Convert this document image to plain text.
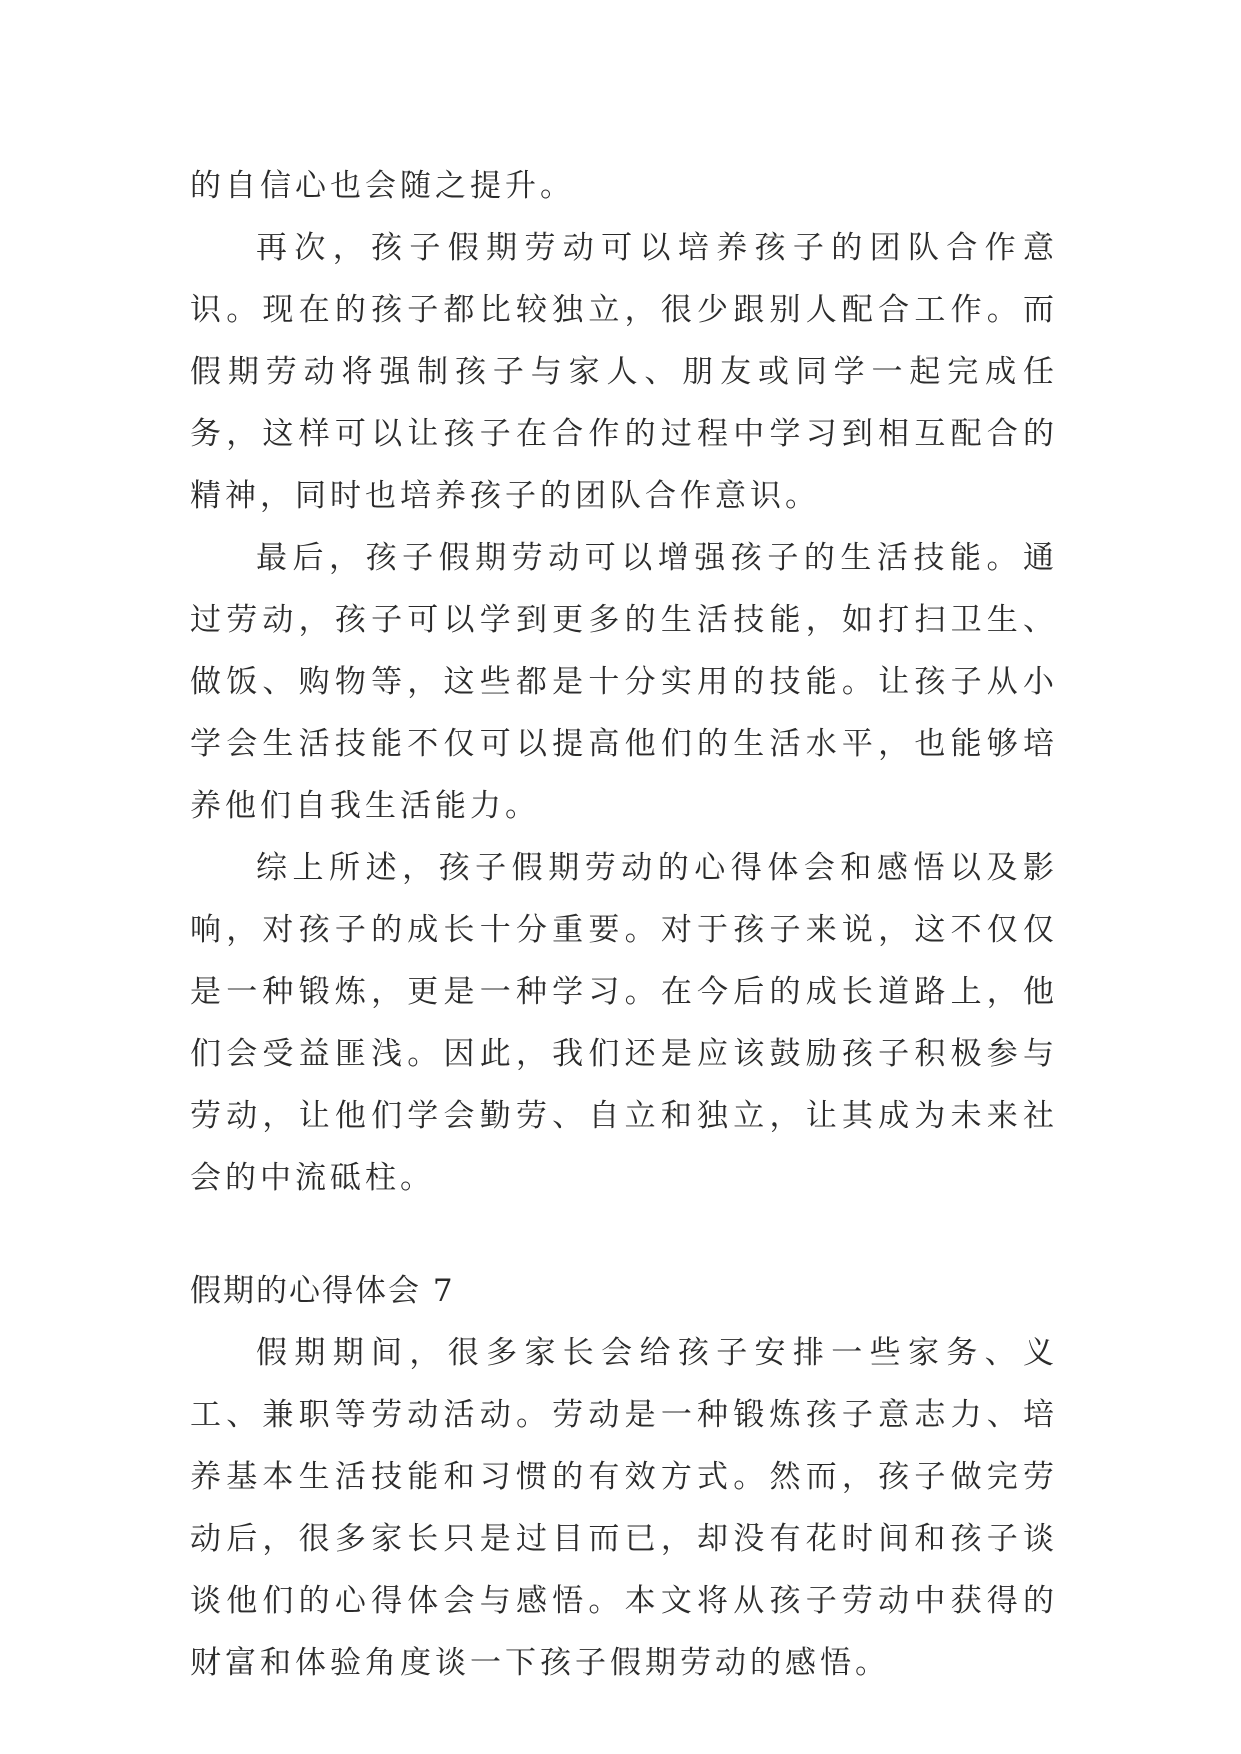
的自信心也会随之提升。

再次，孩子假期劳动可以培养孩子的团队合作意识。现在的孩子都比较独立，很少跟别人配合工作。而假期劳动将强制孩子与家人、朋友或同学一起完成任务，这样可以让孩子在合作的过程中学习到相互配合的精神，同时也培养孩子的团队合作意识。

最后，孩子假期劳动可以增强孩子的生活技能。通过劳动，孩子可以学到更多的生活技能，如打扫卫生、做饭、购物等，这些都是十分实用的技能。让孩子从小学会生活技能不仅可以提高他们的生活水平，也能够培养他们自我生活能力。

综上所述，孩子假期劳动的心得体会和感悟以及影响，对孩子的成长十分重要。对于孩子来说，这不仅仅是一种锻炼，更是一种学习。在今后的成长道路上，他们会受益匪浅。因此，我们还是应该鼓励孩子积极参与劳动，让他们学会勤劳、自立和独立，让其成为未来社会的中流砥柱。

假期的心得体会 7

假期期间，很多家长会给孩子安排一些家务、义工、兼职等劳动活动。劳动是一种锻炼孩子意志力、培养基本生活技能和习惯的有效方式。然而，孩子做完劳动后，很多家长只是过目而已，却没有花时间和孩子谈谈他们的心得体会与感悟。本文将从孩子劳动中获得的财富和体验角度谈一下孩子假期劳动的感悟。
